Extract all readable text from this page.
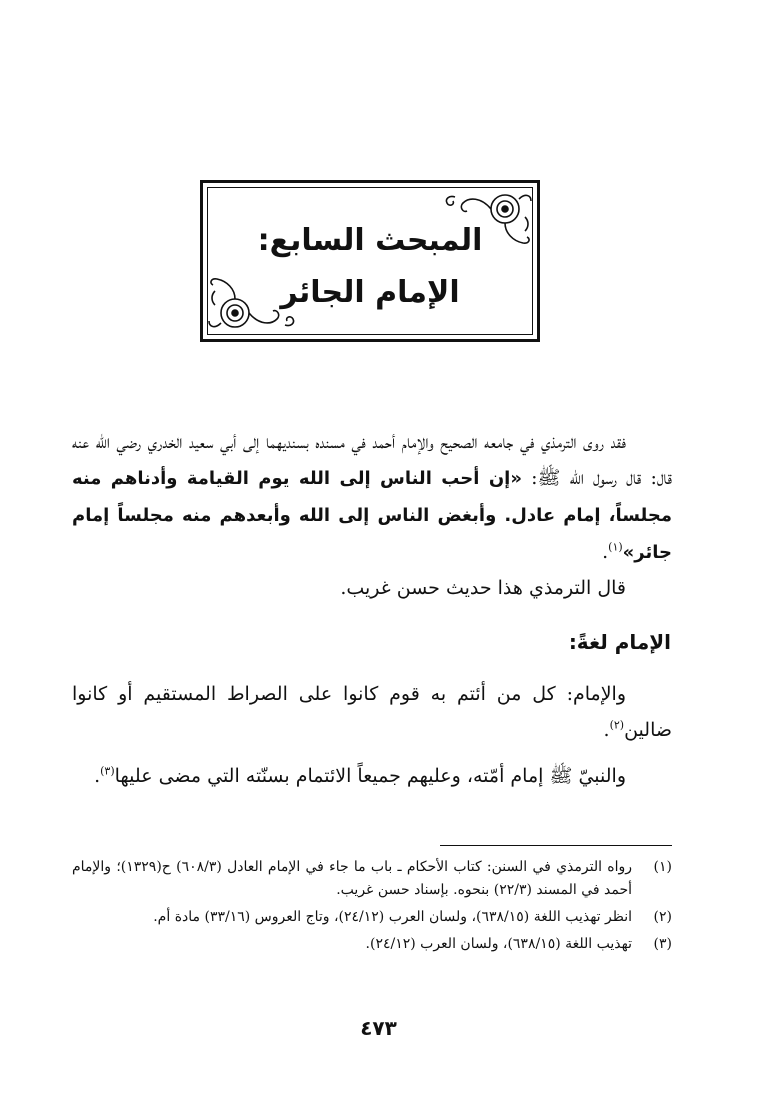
المبحث السابع:
الإمام الجائر

فقد روى الترمذي في جامعه الصحيح والإمام أحمد في مسنده بسنديهما إلى أبي سعيد الخدري رضي الله عنه قال: قال رسول الله ﷺ: «إن أحب الناس إلى الله يوم القيامة وأدناهم منه مجلساً، إمام عادل. وأبغض الناس إلى الله وأبعدهم منه مجلساً إمام جائر»$^{(١)}$.

قال الترمذي هذا حديث حسن غريب.

الإمام لغةً:

والإمام: كل من أئتم به قوم كانوا على الصراط المستقيم أو كانوا ضالين$^{(٢)}$.

والنبيّ ﷺ إمام أمّته، وعليهم جميعاً الائتمام بسنّته التي مضى عليها$^{(٣)}$.

(١)
رواه الترمذي في السنن: كتاب الأحكام ـ باب ما جاء في الإمام العادل (٦٠٨/٣) ح(١٣٢٩)؛ والإمام أحمد في المسند (٢٢/٣) بنحوه. بإسناد حسن غريب.
(٢)
انظر تهذيب اللغة (٦٣٨/١٥)، ولسان العرب (٢٤/١٢)، وتاج العروس (٣٣/١٦) مادة أم.
(٣)
تهذيب اللغة (٦٣٨/١٥)، ولسان العرب (٢٤/١٢).
٤٧٣
